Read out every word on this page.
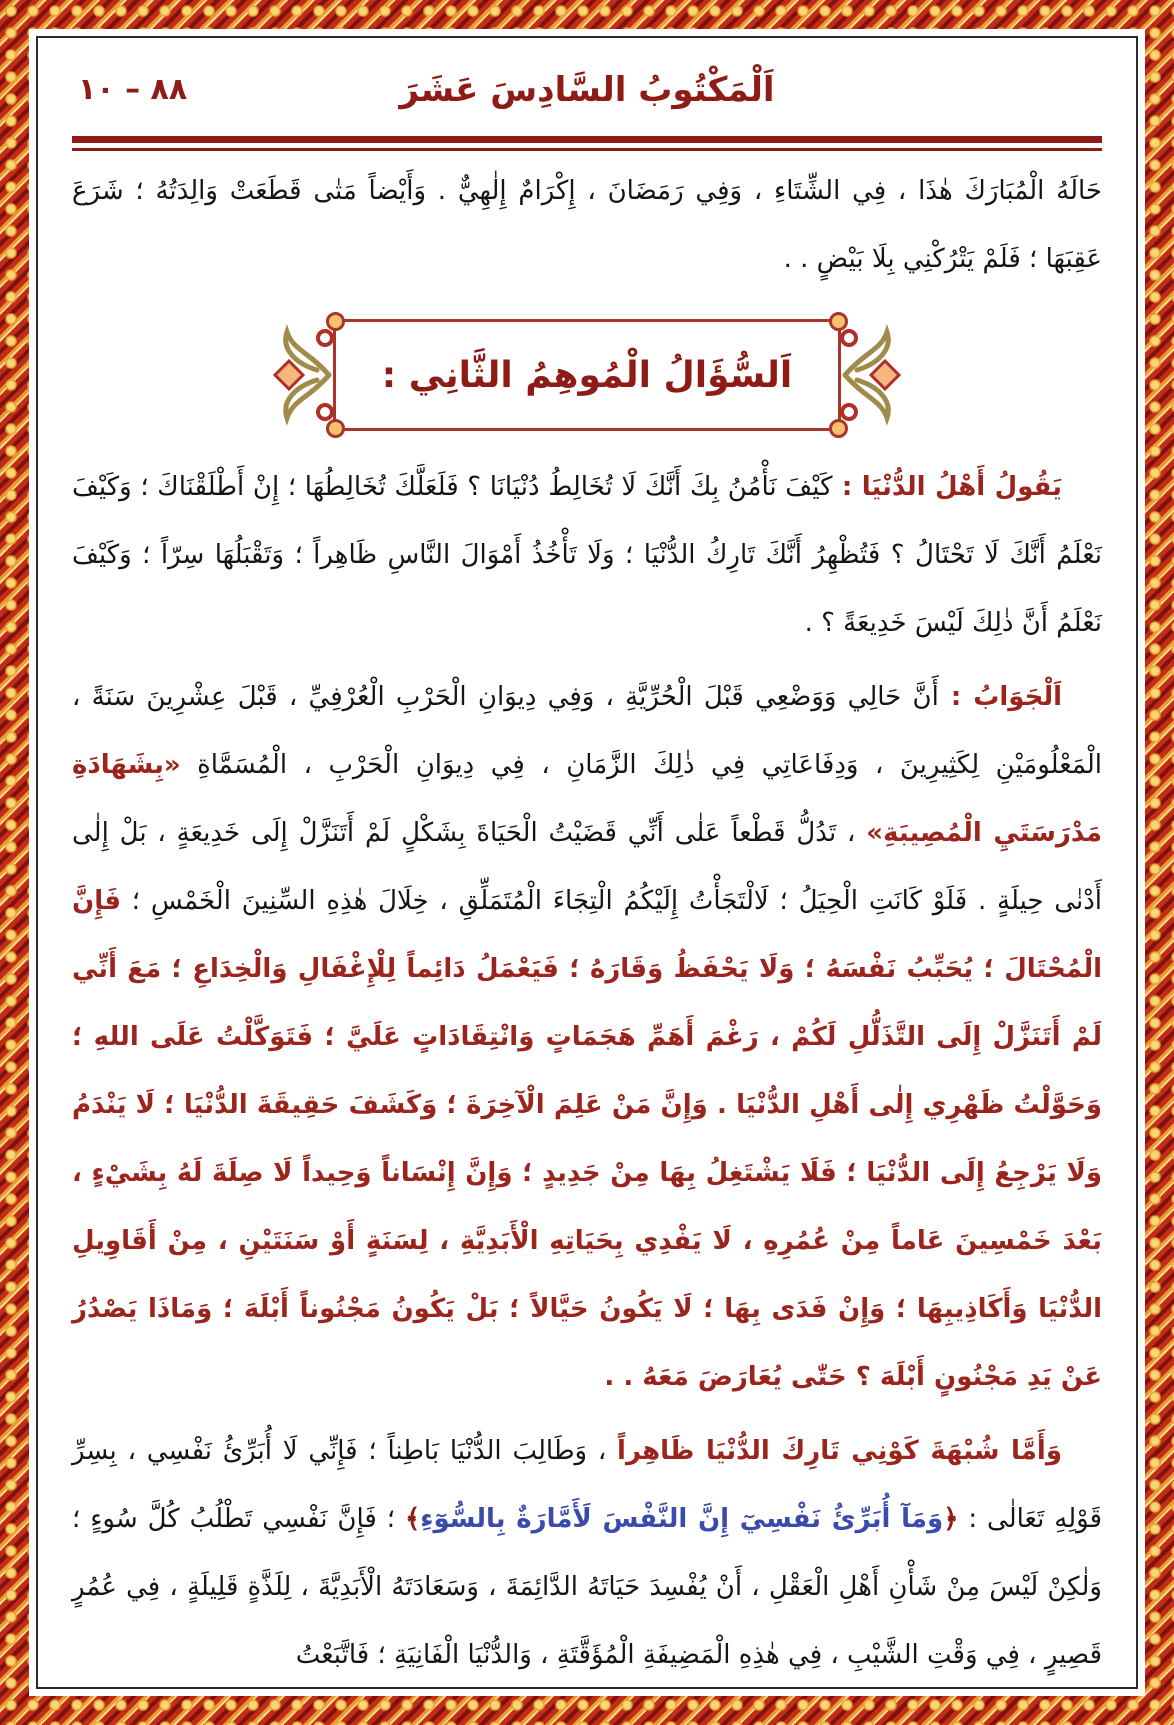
اَلْمَكْتُوبُ السَّادِسَ عَشَرَ
٨٨ – ١٠

حَالَهُ الْمُبَارَكَ هٰذَا ، فِي الشِّتَاءِ ، وَفِي رَمَضَانَ ، إِكْرَامٌ إِلٰهِيٌّ . وَأَيْضاً مَتٰى قَطَعَتْ وَالِدَتُهُ ؛ شَرَعَ عَقِبَهَا ؛ فَلَمْ يَتْرُكْنِي بِلَا بَيْضٍ . .

اَلسُّؤَالُ الْمُوهِمُ الثَّانِي :

يَقُولُ أَهْلُ الدُّنْيَا : كَيْفَ نَأْمُنُ بِكَ أَنَّكَ لَا تُخَالِطُ دُنْيَانَا ؟ فَلَعَلَّكَ تُخَالِطُهَا ؛ إِنْ أَطْلَقْنَاكَ ؛ وَكَيْفَ نَعْلَمُ أَنَّكَ لَا تَحْتَالُ ؟ فَتُظْهِرُ أَنَّكَ تَارِكُ الدُّنْيَا ؛ وَلَا تَأْخُذُ أَمْوَالَ النَّاسِ ظَاهِراً ؛ وَتَقْبَلُهَا سِرّاً ؛ وَكَيْفَ نَعْلَمُ أَنَّ ذٰلِكَ لَيْسَ خَدِيعَةً ؟ .

اَلْجَوَابُ : أَنَّ حَالِي وَوَضْعِي قَبْلَ الْحُرِّيَّةِ ، وَفِي دِيوَانِ الْحَرْبِ الْعُرْفِيِّ ، قَبْلَ عِشْرِينَ سَنَةً ، الْمَعْلُومَيْنِ لِكَثِيرِينَ ، وَدِفَاعَاتِي فِي ذٰلِكَ الزَّمَانِ ، فِي دِيوَانِ الْحَرْبِ ، الْمُسَمَّاةِ «بِشَهَادَةِ مَدْرَسَتَيِ الْمُصِيبَةِ» ، تَدُلُّ قَطْعاً عَلٰى أَنِّي قَضَيْتُ الْحَيَاةَ بِشَكْلٍ لَمْ أَتَنَزَّلْ إِلَى خَدِيعَةٍ ، بَلْ إِلٰى أَدْنٰى حِيلَةٍ . فَلَوْ كَانَتِ الْحِيَلُ ؛ لَالْتَجَأْتُ إِلَيْكُمُ الْتِجَاءَ الْمُتَمَلِّقِ ، خِلَالَ هٰذِهِ السِّنِينَ الْخَمْسِ ؛ فَإِنَّ الْمُحْتَالَ ؛ يُحَبِّبُ نَفْسَهُ ؛ وَلَا يَحْفَظُ وَقَارَهُ ؛ فَيَعْمَلُ دَائِماً لِلْإِغْفَالِ وَالْخِدَاعِ ؛ مَعَ أَنِّي لَمْ أَتَنَزَّلْ إِلَى التَّذَلُّلِ لَكُمْ ، رَغْمَ أَهَمِّ هَجَمَاتٍ وَانْتِقَادَاتٍ عَلَيَّ ؛ فَتَوَكَّلْتُ عَلَى اللهِ ؛ وَحَوَّلْتُ ظَهْرِي إِلٰى أَهْلِ الدُّنْيَا . وَإِنَّ مَنْ عَلِمَ الْآخِرَةَ ؛ وَكَشَفَ حَقِيقَةَ الدُّنْيَا ؛ لَا يَنْدَمُ وَلَا يَرْجِعُ إِلَى الدُّنْيَا ؛ فَلَا يَشْتَغِلُ بِهَا مِنْ جَدِيدٍ ؛ وَإِنَّ إِنْسَاناً وَحِيداً لَا صِلَةَ لَهُ بِشَيْءٍ ، بَعْدَ خَمْسِينَ عَاماً مِنْ عُمُرِهِ ، لَا يَفْدِي بِحَيَاتِهِ الْأَبَدِيَّةِ ، لِسَنَةٍ أَوْ سَنَتَيْنِ ، مِنْ أَقَاوِيلِ الدُّنْيَا وَأَكَاذِيبِهَا ؛ وَإِنْ فَدَى بِهَا ؛ لَا يَكُونُ حَيَّالاً ؛ بَلْ يَكُونُ مَجْنُوناً أَبْلَهَ ؛ وَمَاذَا يَصْدُرُ عَنْ يَدِ مَجْنُونٍ أَبْلَهَ ؟ حَتّٰى يُعَارَضَ مَعَهُ . .

وَأَمَّا شُبْهَةَ كَوْنِي تَارِكَ الدُّنْيَا ظَاهِراً ، وَطَالِبَ الدُّنْيَا بَاطِناً ؛ فَإِنِّي لَا أُبَرِّئُ نَفْسِي ، بِسِرِّ قَوْلِهِ تَعَالٰى : ﴿وَمَآ أُبَرِّئُ نَفْسِيٓ إِنَّ النَّفْسَ لَأَمَّارَةٌ بِالسُّوٓءِ﴾ ؛ فَإِنَّ نَفْسِي تَطْلُبُ كُلَّ سُوءٍ ؛ وَلٰكِنْ لَيْسَ مِنْ شَأْنِ أَهْلِ الْعَقْلِ ، أَنْ يُفْسِدَ حَيَاتَهُ الدَّائِمَةَ ، وَسَعَادَتَهُ الْأَبَدِيَّةَ ، لِلَذَّةٍ قَلِيلَةٍ ، فِي عُمُرٍ قَصِيرٍ ، فِي وَقْتِ الشَّيْبِ ، فِي هٰذِهِ الْمَضِيفَةِ الْمُؤَقَّتَةِ ، وَالدُّنْيَا الْفَانِيَةِ ؛ فَاتَّبَعْتُ
